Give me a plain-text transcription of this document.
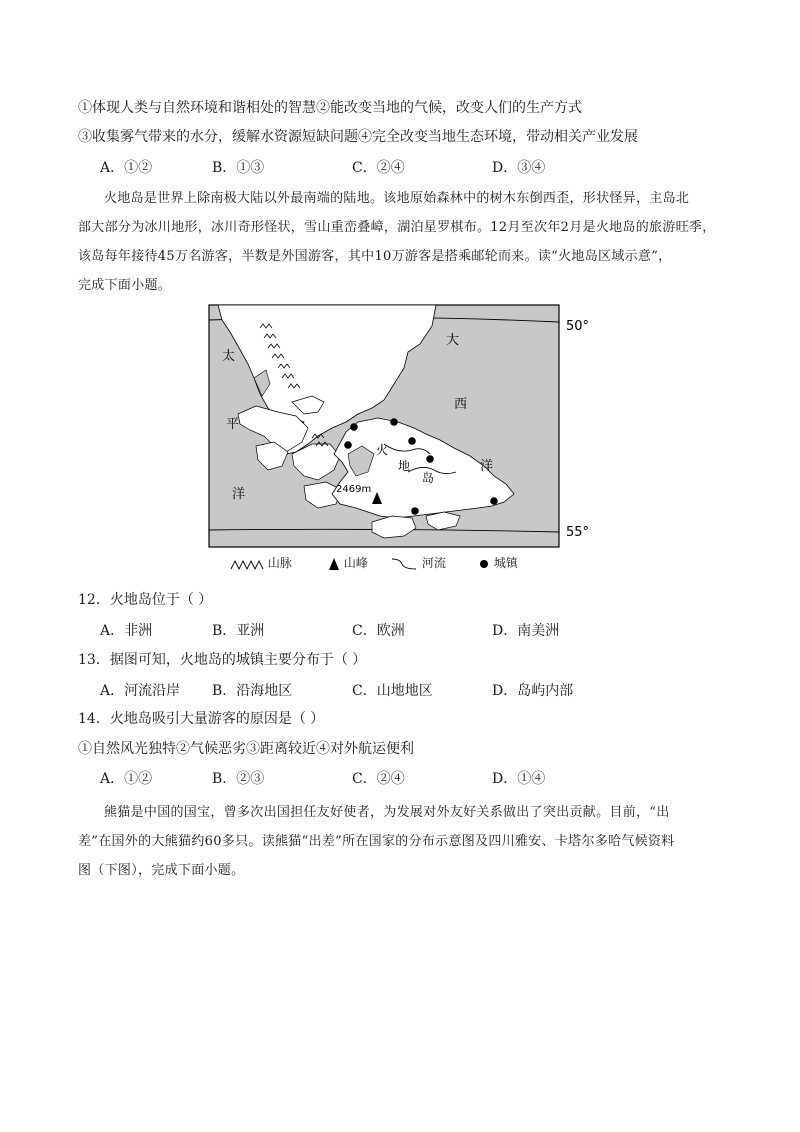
①体现人类与自然环境和谐相处的智慧②能改变当地的气候，改变人们的生产方式
③收集雾气带来的水分，缓解水资源短缺问题④完全改变当地生态环境，带动相关产业发展
A．①②	B．①③	C．②④	D．③④

火地岛是世界上除南极大陆以外最南端的陆地。该地原始森林中的树木东倒西歪，形状怪异，主岛北

部大部分为冰川地形，冰川奇形怪状，雪山重峦叠嶂，湖泊星罗棋布。12月至次年2月是火地岛的旅游旺季，

该岛每年接待45万名游客，半数是外国游客，其中10万游客是搭乘邮轮而来。读“火地岛区域示意”，

完成下面小题。

2469m
太
平
洋
大
西
洋
火
地
岛
50°
55°
山脉	山峰	河流	城镇
12．火地岛位于（ ）
A．非洲	B．亚洲	C．欧洲	D．南美洲
13．据图可知，火地岛的城镇主要分布于（ ）
A．河流沿岸 B．沿海地区	C．山地地区	D．岛屿内部
14．火地岛吸引大量游客的原因是（ ）
①自然风光独特②气候恶劣③距离较近④对外航运便利
A．①②	B．②③	C．②④	D．①④

熊猫是中国的国宝，曾多次出国担任友好使者，为发展对外友好关系做出了突出贡献。目前，“出

差”在国外的大熊猫约60多只。读熊猫“出差”所在国家的分布示意图及四川雅安、卡塔尔多哈气候资料

图（下图），完成下面小题。
